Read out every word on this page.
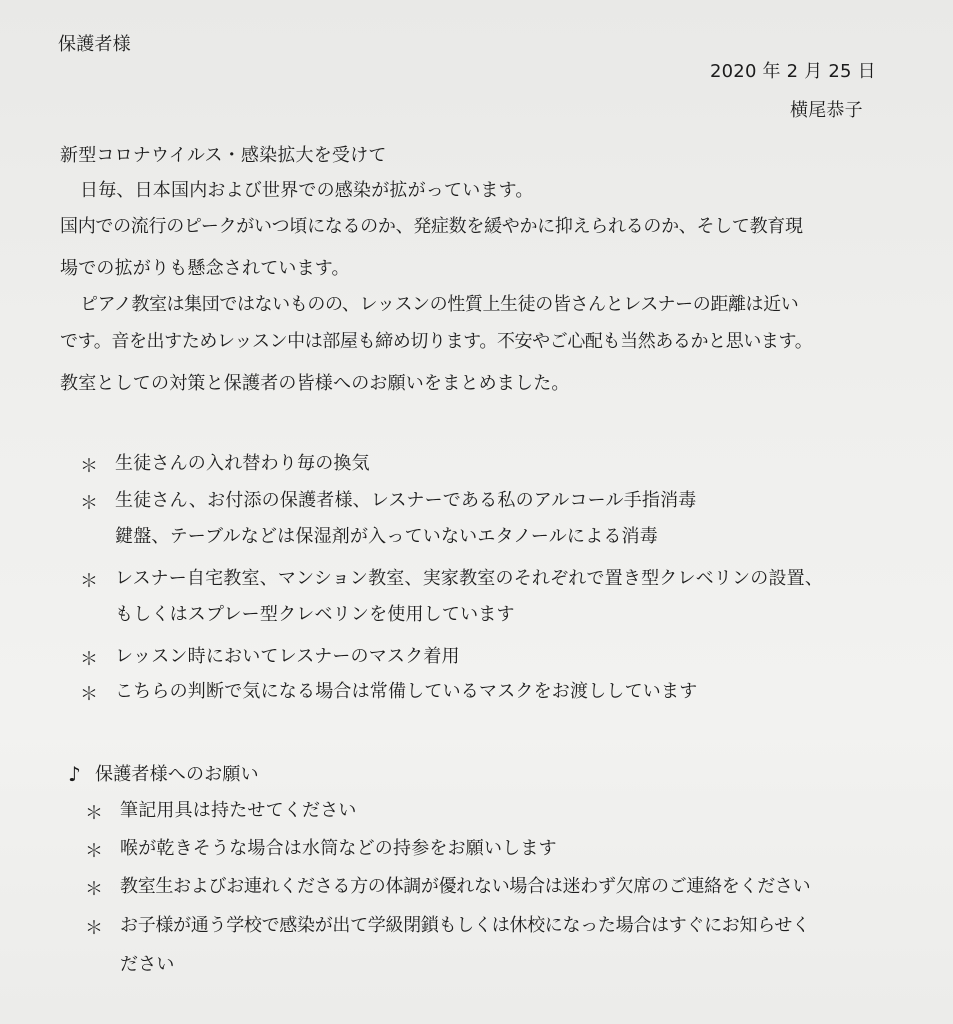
保護者様
2020 年 2 月 25 日
横尾恭子
新型コロナウイルス・感染拡大を受けて
日毎、日本国内および世界での感染が拡がっています。
国内での流行のピークがいつ頃になるのか、発症数を緩やかに抑えられるのか、そして教育現
場での拡がりも懸念されています。
ピアノ教室は集団ではないものの、レッスンの性質上生徒の皆さんとレスナーの距離は近い
です。音を出すためレッスン中は部屋も締め切ります。不安やご心配も当然あるかと思います。
教室としての対策と保護者の皆様へのお願いをまとめました。
＊ 生徒さんの入れ替わり毎の換気
＊ 生徒さん、お付添の保護者様、レスナーである私のアルコール手指消毒
鍵盤、テーブルなどは保湿剤が入っていないエタノールによる消毒
＊ レスナー自宅教室、マンション教室、実家教室のそれぞれで置き型クレベリンの設置、
もしくはスプレー型クレベリンを使用しています
＊ レッスン時においてレスナーのマスク着用
＊ こちらの判断で気になる場合は常備しているマスクをお渡ししています
♪ 保護者様へのお願い
＊ 筆記用具は持たせてください
＊ 喉が乾きそうな場合は水筒などの持参をお願いします
＊ 教室生およびお連れくださる方の体調が優れない場合は迷わず欠席のご連絡をください
＊ お子様が通う学校で感染が出て学級閉鎖もしくは休校になった場合はすぐにお知らせく
ださい
